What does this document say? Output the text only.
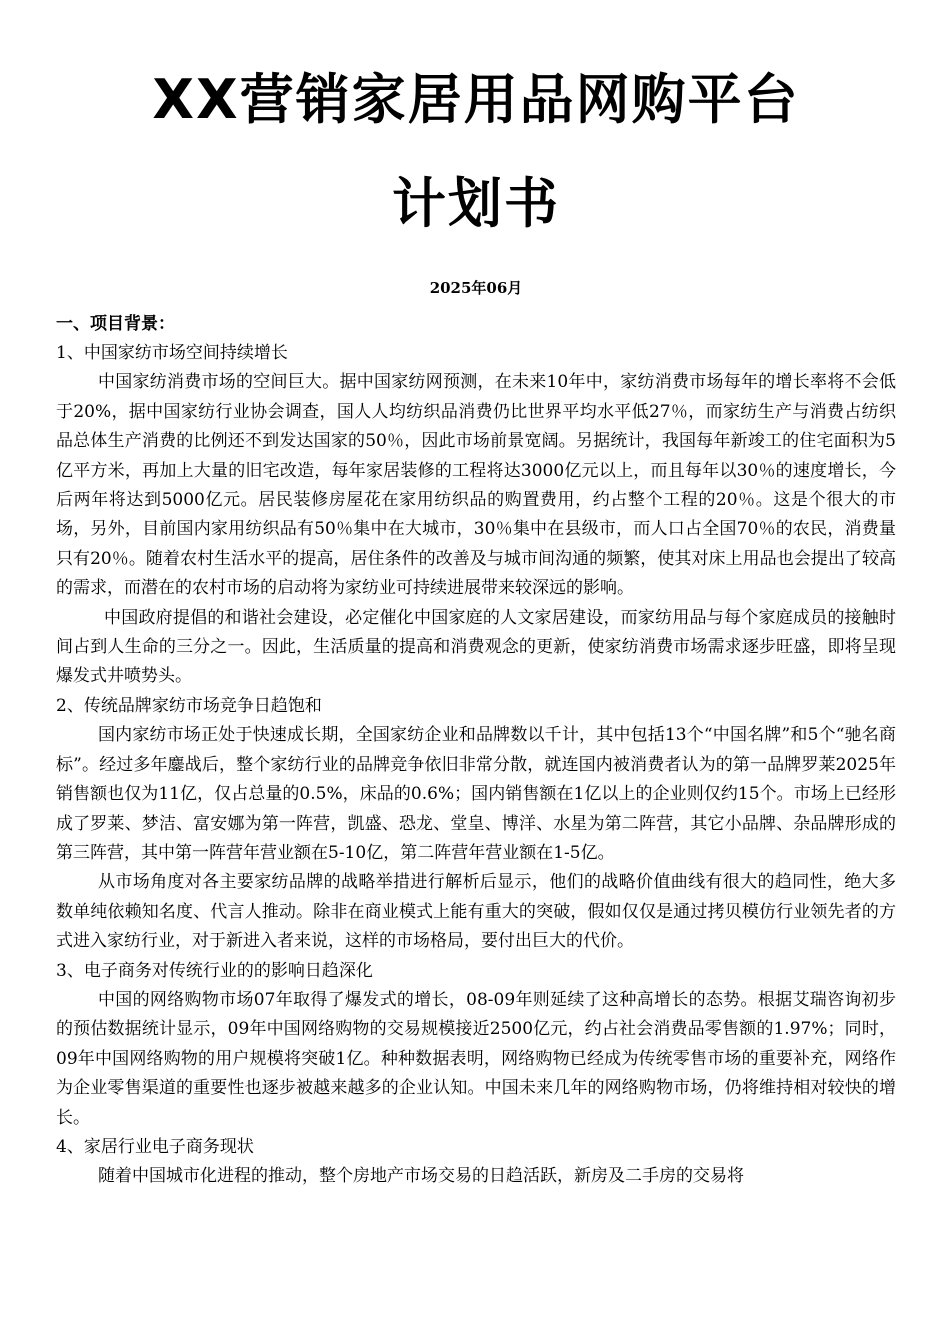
XX营销家居用品网购平台
计划书
2025年06月
一、项目背景：
1、中国家纺市场空间持续增长

中国家纺消费市场的空间巨大。据中国家纺网预测，在未来10年中，家纺消费市场每年的增长率将不会低于20%，据中国家纺行业协会调查，国人人均纺织品消费仍比世界平均水平低27％，而家纺生产与消费占纺织品总体生产消费的比例还不到发达国家的50％，因此市场前景宽阔。另据统计，我国每年新竣工的住宅面积为5亿平方米，再加上大量的旧宅改造，每年家居装修的工程将达3000亿元以上，而且每年以30％的速度增长，今后两年将达到5000亿元。居民装修房屋花在家用纺织品的购置费用，约占整个工程的20％。这是个很大的市场，另外，目前国内家用纺织品有50％集中在大城市，30％集中在县级市，而人口占全国70％的农民，消费量只有20％。随着农村生活水平的提高，居住条件的改善及与城市间沟通的频繁，使其对床上用品也会提出了较高的需求，而潜在的农村市场的启动将为家纺业可持续进展带来较深远的影响。

中国政府提倡的和谐社会建设，必定催化中国家庭的人文家居建设，而家纺用品与每个家庭成员的接触时间占到人生命的三分之一。因此，生活质量的提高和消费观念的更新，使家纺消费市场需求逐步旺盛，即将呈现爆发式井喷势头。

2、传统品牌家纺市场竞争日趋饱和

国内家纺市场正处于快速成长期，全国家纺企业和品牌数以千计，其中包括13个“中国名牌”和5个“驰名商标”。经过多年鏖战后，整个家纺行业的品牌竞争依旧非常分散，就连国内被消费者认为的第一品牌罗莱2025年销售额也仅为11亿，仅占总量的0.5%，床品的0.6%；国内销售额在1亿以上的企业则仅约15个。市场上已经形成了罗莱、梦洁、富安娜为第一阵营，凯盛、恐龙、堂皇、博洋、水星为第二阵营，其它小品牌、杂品牌形成的第三阵营，其中第一阵营年营业额在5-10亿，第二阵营年营业额在1-5亿。

从市场角度对各主要家纺品牌的战略举措进行解析后显示，他们的战略价值曲线有很大的趋同性，绝大多数单纯依赖知名度、代言人推动。除非在商业模式上能有重大的突破，假如仅仅是通过拷贝模仿行业领先者的方式进入家纺行业，对于新进入者来说，这样的市场格局，要付出巨大的代价。

3、电子商务对传统行业的的影响日趋深化

中国的网络购物市场07年取得了爆发式的增长，08-09年则延续了这种高增长的态势。根据艾瑞咨询初步的预估数据统计显示，09年中国网络购物的交易规模接近2500亿元，约占社会消费品零售额的1.97%；同时，09年中国网络购物的用户规模将突破1亿。种种数据表明，网络购物已经成为传统零售市场的重要补充，网络作为企业零售渠道的重要性也逐步被越来越多的企业认知。中国未来几年的网络购物市场，仍将维持相对较快的增长。

4、家居行业电子商务现状

随着中国城市化进程的推动，整个房地产市场交易的日趋活跃，新房及二手房的交易将
